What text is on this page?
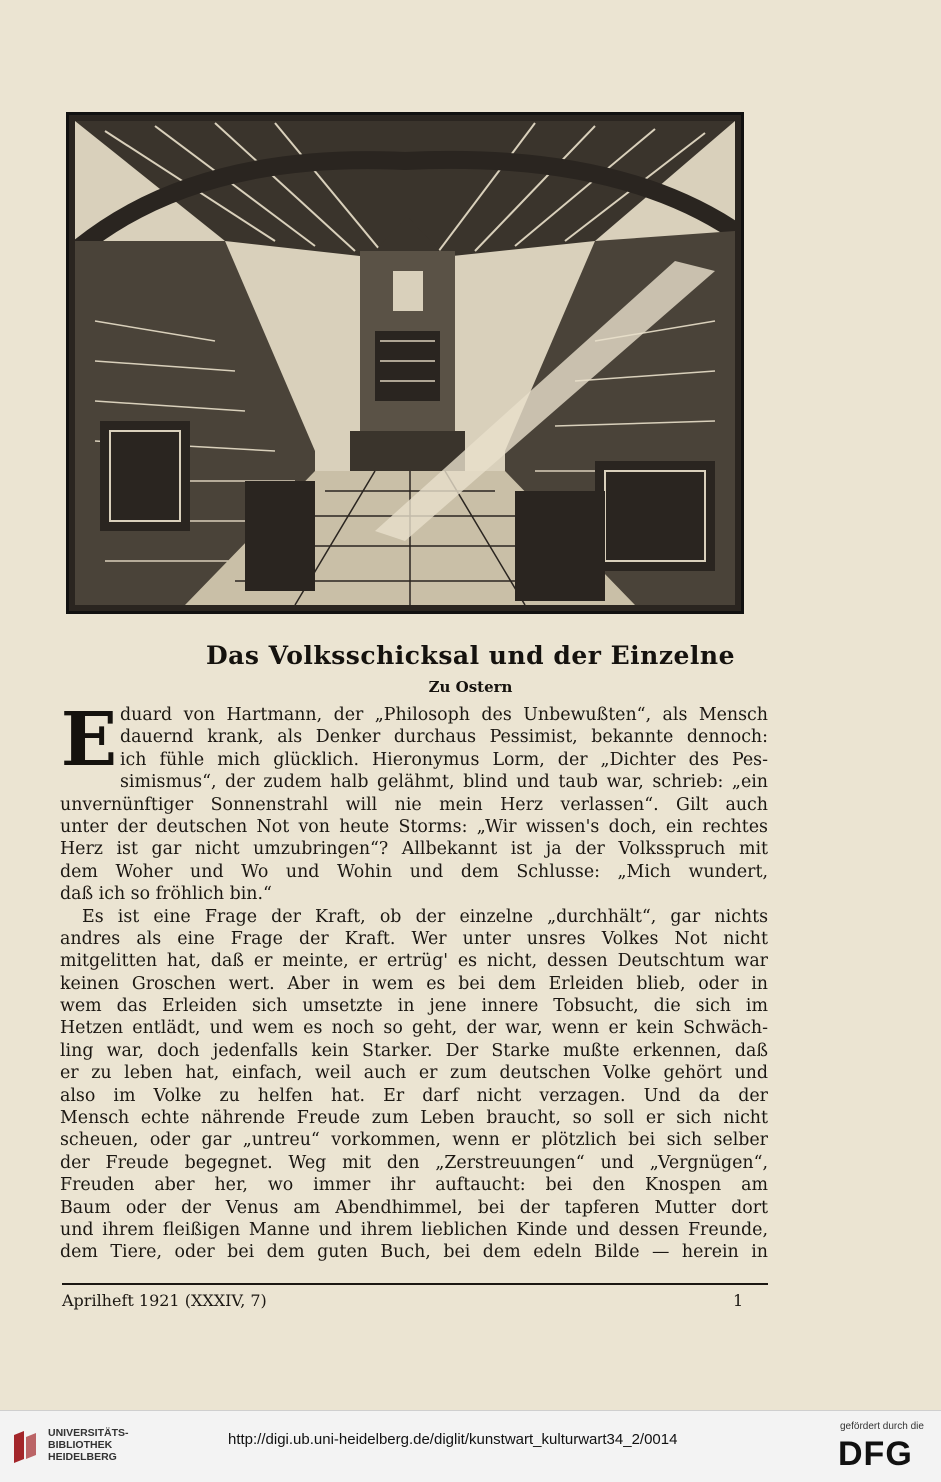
Das Volksschicksal und der Einzelne
Zu Ostern
E duard von Hartmann, der „Philosoph des Unbewußten“, als Mensch
dauernd krank, als Denker durchaus Pessimist, bekannte dennoch:
ich fühle mich glücklich. Hieronymus Lorm, der „Dichter des Pes-
simismus“, der zudem halb gelähmt, blind und taub war, schrieb: „ein
unvernünftiger Sonnenstrahl will nie mein Herz verlassen“. Gilt auch
unter der deutschen Not von heute Storms: „Wir wissen's doch, ein rechtes
Herz ist gar nicht umzubringen“? Allbekannt ist ja der Volksspruch mit
dem Woher und Wo und Wohin und dem Schlusse: „Mich wundert,
daß ich so fröhlich bin.“
Es ist eine Frage der Kraft, ob der einzelne „durchhält“, gar nichts
andres als eine Frage der Kraft. Wer unter unsres Volkes Not nicht
mitgelitten hat, daß er meinte, er ertrüg' es nicht, dessen Deutschtum war
keinen Groschen wert. Aber in wem es bei dem Erleiden blieb, oder in
wem das Erleiden sich umsetzte in jene innere Tobsucht, die sich im
Hetzen entlädt, und wem es noch so geht, der war, wenn er kein Schwäch-
ling war, doch jedenfalls kein Starker. Der Starke mußte erkennen, daß
er zu leben hat, einfach, weil auch er zum deutschen Volke gehört und
also im Volke zu helfen hat. Er darf nicht verzagen. Und da der
Mensch echte nährende Freude zum Leben braucht, so soll er sich nicht
scheuen, oder gar „untreu“ vorkommen, wenn er plötzlich bei sich selber
der Freude begegnet. Weg mit den „Zerstreuungen“ und „Vergnügen“,
Freuden aber her, wo immer ihr auftaucht: bei den Knospen am
Baum oder der Venus am Abendhimmel, bei der tapferen Mutter dort
und ihrem fleißigen Manne und ihrem lieblichen Kinde und dessen Freunde,
dem Tiere, oder bei dem guten Buch, bei dem edeln Bilde — herein in
Aprilheft 1921 (XXXIV, 7)	1
UNIVERSITÄTS-
BIBLIOTHEK
HEIDELBERG
http://digi.ub.uni-heidelberg.de/diglit/kunstwart_kulturwart34_2/0014
gefördert durch die
DFG
